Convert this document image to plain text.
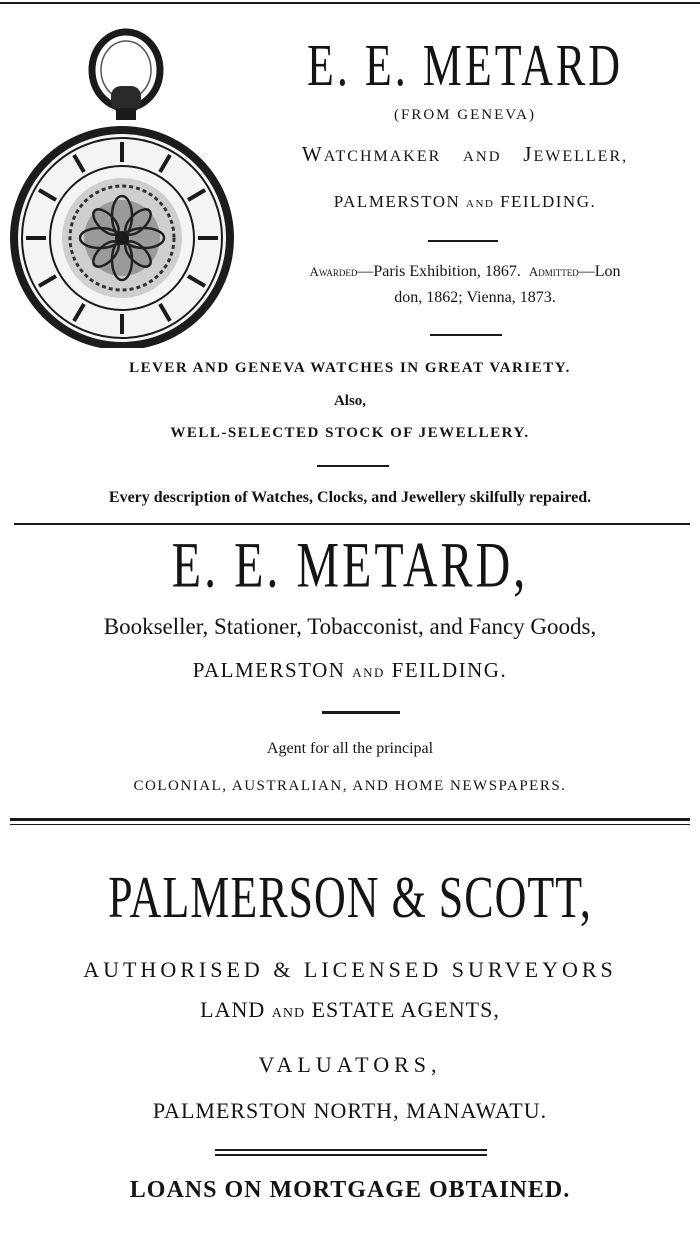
E. E. METARD
(FROM GENEVA)
WATCHMAKER AND JEWELLER,
PALMERSTON AND FEILDING.
Awarded—Paris Exhibition, 1867. Admitted—Lon
don, 1862; Vienna, 1873.
LEVER AND GENEVA WATCHES IN GREAT VARIETY.
Also,
WELL-SELECTED STOCK OF JEWELLERY.
Every description of Watches, Clocks, and Jewellery skilfully repaired.
E. E. METARD,
Bookseller, Stationer, Tobacconist, and Fancy Goods,
PALMERSTON AND FEILDING.
Agent for all the principal
COLONIAL, AUSTRALIAN, AND HOME NEWSPAPERS.
PALMERSON & SCOTT,
AUTHORISED & LICENSED SURVEYORS
LAND AND ESTATE AGENTS,
VALUATORS,
PALMERSTON NORTH, MANAWATU.
LOANS ON MORTGAGE OBTAINED.
